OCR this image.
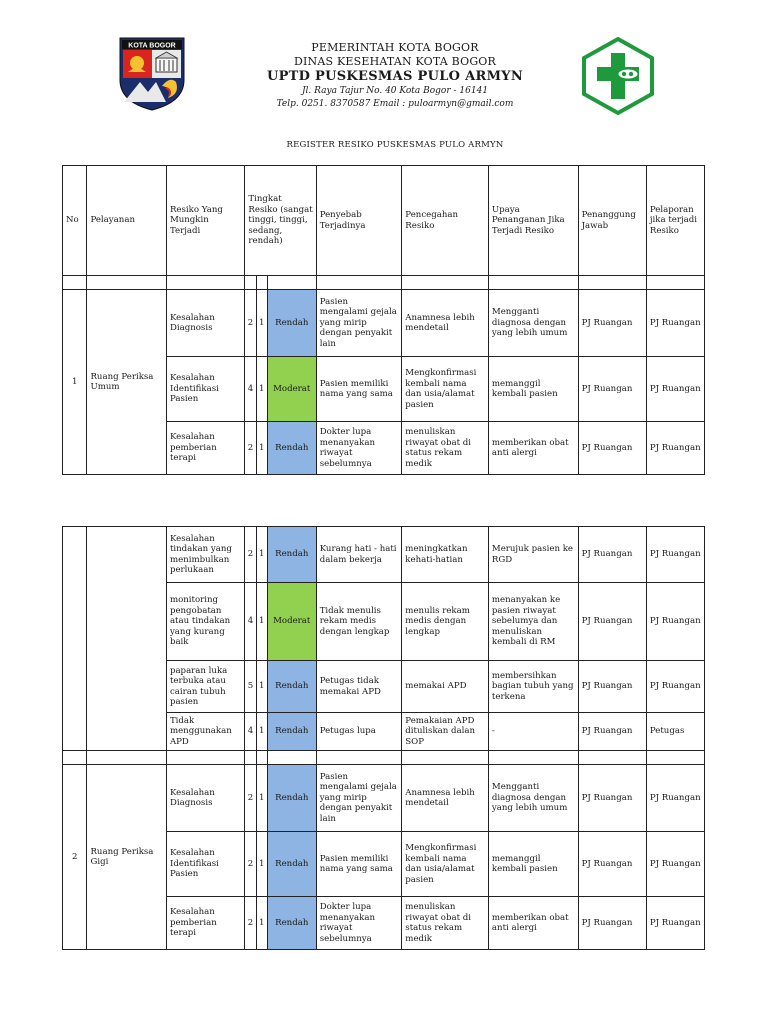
KOTA BOGOR	PEMERINTAH KOTA BOGOR
DINAS KESEHATAN KOTA BOGOR
UPTD PUSKESMAS PULO ARMYN
Jl. Raya Tajur No. 40 Kota Bogor - 16141
Telp. 0251. 8370587 Email : puloarmyn@gmail.com
REGISTER RESIKO PUSKESMAS PULO ARMYN
No	Pelayanan	Resiko Yang Mungkin Terjadi	Tingkat Resiko (sangat tinggi, tinggi, sedang, rendah)			Penyebab Terjadinya	Pencegahan Resiko	Upaya Penanganan Jika Terjadi Resiko	Penanggung Jawab	Pelaporan jika terjadi Resiko

1	Ruang Periksa Umum	Kesalahan Diagnosis	2	1	Rendah	Pasien mengalami gejala yang mirip dengan penyakit lain	Anamnesa lebih mendetail	Mengganti diagnosa dengan yang lebih umum	PJ Ruangan	PJ Ruangan
		Kesalahan Identifikasi Pasien	4	1	Moderat	Pasien memiliki nama yang sama	Mengkonfirmasi kembali nama dan usia/alamat pasien	memanggil kembali pasien	PJ Ruangan	PJ Ruangan
		Kesalahan pemberian terapi	2	1	Rendah	Dokter lupa menanyakan riwayat sebelumnya	menuliskan riwayat obat di status rekam medik	memberikan obat anti alergi	PJ Ruangan	PJ Ruangan
		Kesalahan tindakan yang menimbulkan perlukaan	2	1	Rendah	Kurang hati - hati dalam bekerja	meningkatkan kehati-hatian	Merujuk pasien ke RGD	PJ Ruangan	PJ Ruangan
		monitoring pengobatan atau tindakan yang kurang baik	4	1	Moderat	Tidak menulis rekam medis dengan lengkap	menulis rekam medis dengan lengkap	menanyakan ke pasien riwayat sebelumya dan menuliskan kembali di RM	PJ Ruangan	PJ Ruangan
		paparan luka terbuka atau cairan tubuh pasien	5	1	Rendah	Petugas tidak memakai APD	memakai APD	membersihkan bagian tubuh yang terkena	PJ Ruangan	PJ Ruangan
		Tidak menggunakan APD	4	1	Rendah	Petugas lupa	Pemakaian APD dituliskan dalan SOP	-	PJ Ruangan	Petugas

2	Ruang Periksa Gigi	Kesalahan Diagnosis	2	1	Rendah	Pasien mengalami gejala yang mirip dengan penyakit lain	Anamnesa lebih mendetail	Mengganti diagnosa dengan yang lebih umum	PJ Ruangan	PJ Ruangan
		Kesalahan Identifikasi Pasien	2	1	Rendah	Pasien memiliki nama yang sama	Mengkonfirmasi kembali nama dan usia/alamat pasien	memanggil kembali pasien	PJ Ruangan	PJ Ruangan
		Kesalahan pemberian terapi	2	1	Rendah	Dokter lupa menanyakan riwayat sebelumnya	menuliskan riwayat obat di status rekam medik	memberikan obat anti alergi	PJ Ruangan	PJ Ruangan
